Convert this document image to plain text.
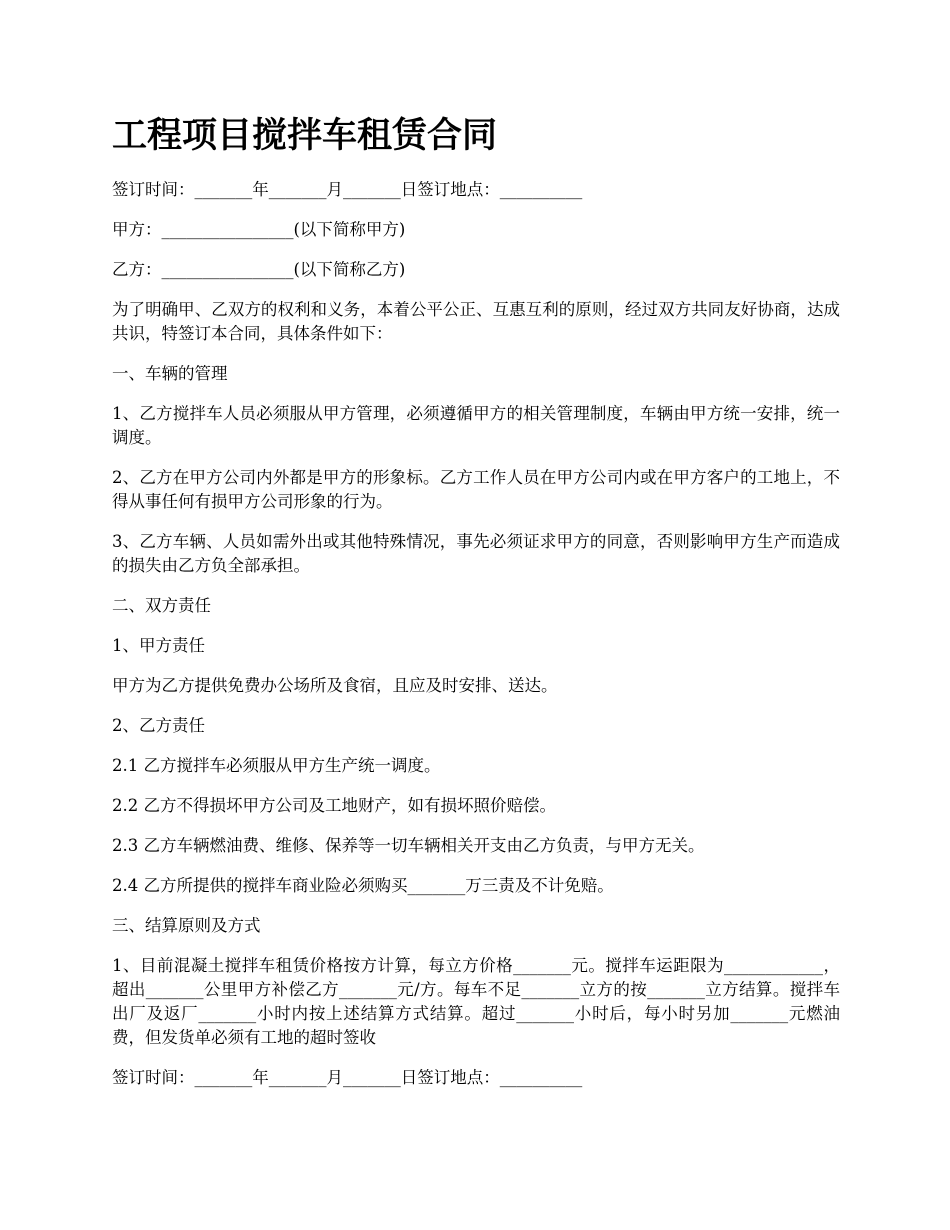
工程项目搅拌车租赁合同

签订时间：_______年_______月_______日签订地点：__________

甲方：________________(以下简称甲方)

乙方：________________(以下简称乙方)

为了明确甲、乙双方的权利和义务，本着公平公正、互惠互利的原则，经过双方共同友好协商，达成共识，特签订本合同，具体条件如下：

一、车辆的管理

1、乙方搅拌车人员必须服从甲方管理，必须遵循甲方的相关管理制度，车辆由甲方统一安排，统一调度。

2、乙方在甲方公司内外都是甲方的形象标。乙方工作人员在甲方公司内或在甲方客户的工地上，不得从事任何有损甲方公司形象的行为。

3、乙方车辆、人员如需外出或其他特殊情况，事先必须证求甲方的同意，否则影响甲方生产而造成的损失由乙方负全部承担。

二、双方责任

1、甲方责任

甲方为乙方提供免费办公场所及食宿，且应及时安排、送达。

2、乙方责任

2.1 乙方搅拌车必须服从甲方生产统一调度。

2.2 乙方不得损坏甲方公司及工地财产，如有损坏照价赔偿。

2.3 乙方车辆燃油费、维修、保养等一切车辆相关开支由乙方负责，与甲方无关。

2.4 乙方所提供的搅拌车商业险必须购买_______万三责及不计免赔。

三、结算原则及方式

1、目前混凝土搅拌车租赁价格按方计算，每立方价格_______元。搅拌车运距限为____________，超出_______公里甲方补偿乙方_______元/方。每车不足_______立方的按_______立方结算。搅拌车出厂及返厂_______小时内按上述结算方式结算。超过_______小时后，每小时另加_______元燃油费，但发货单必须有工地的超时签收

签订时间：_______年_______月_______日签订地点：__________
